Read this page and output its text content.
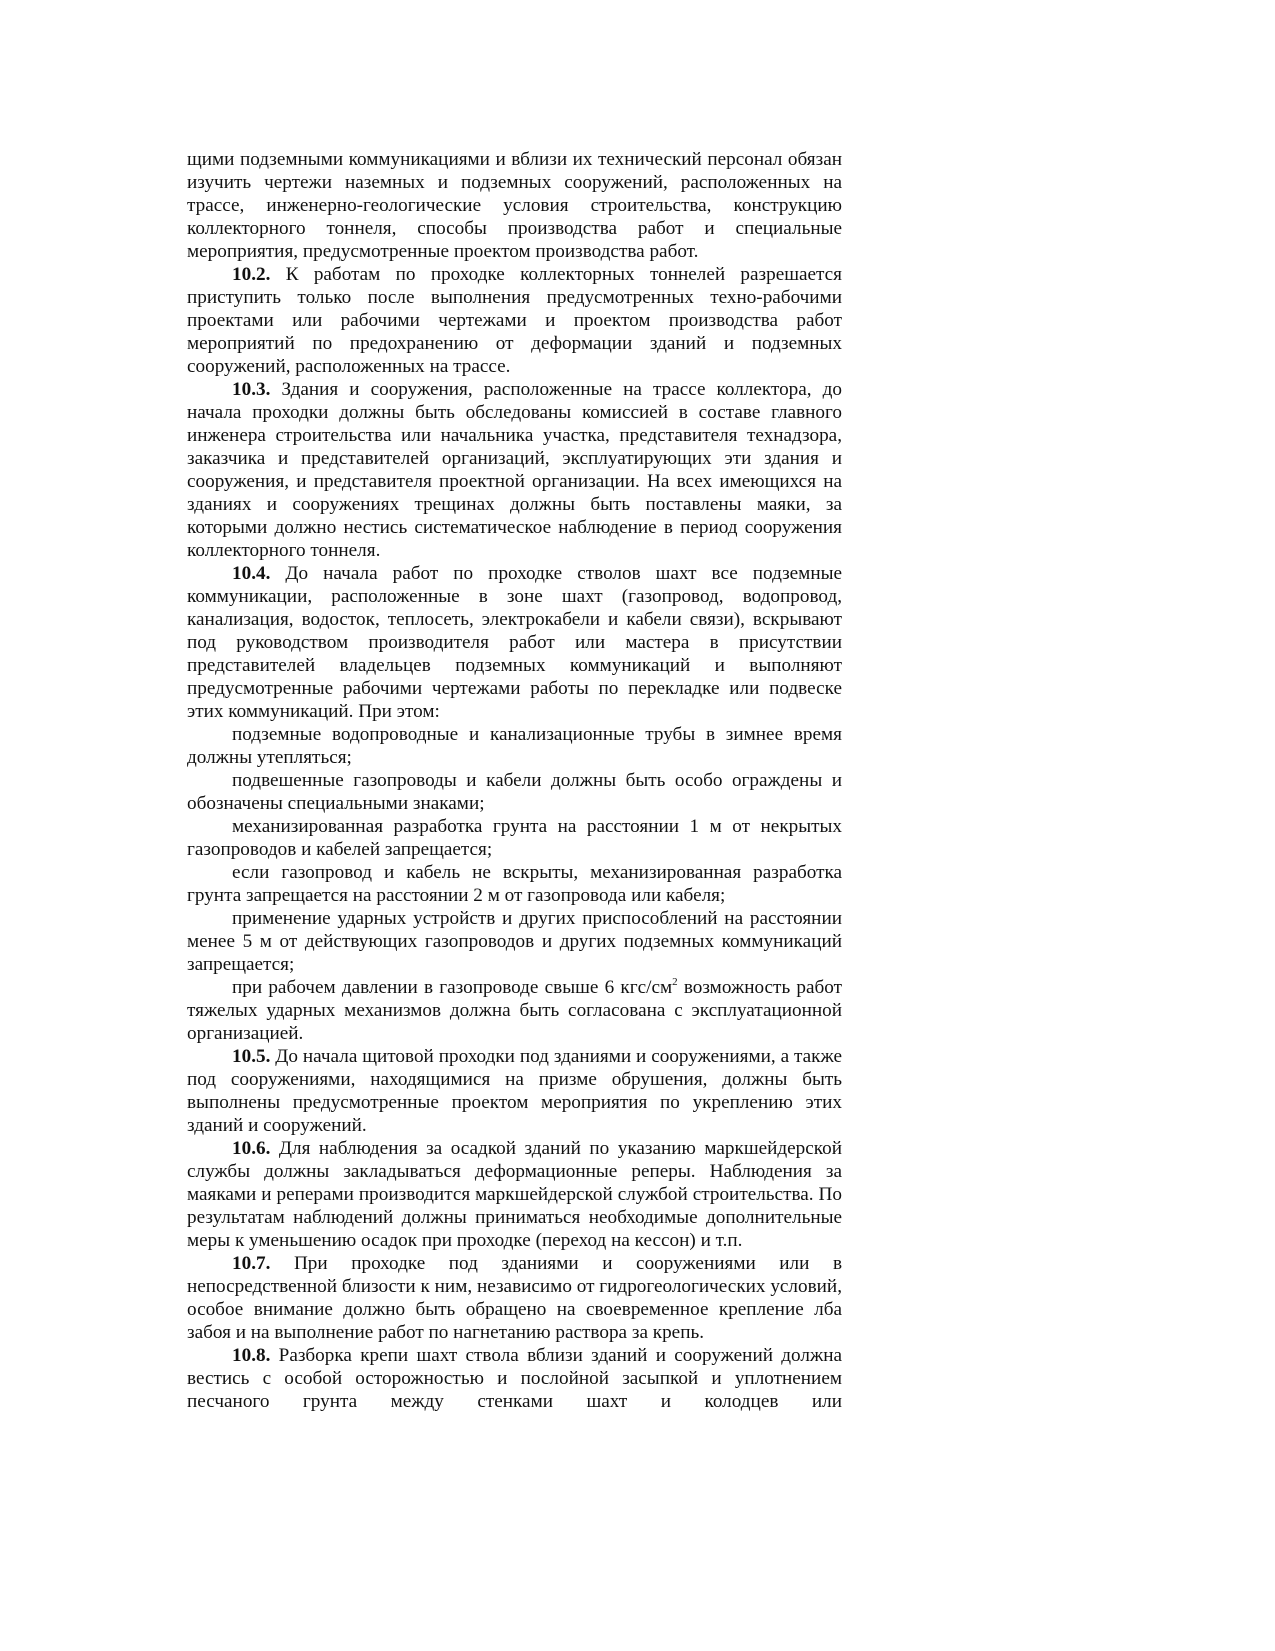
щими подземными коммуникациями и вблизи их технический персонал обязан изучить чертежи наземных и подземных сооружений, расположенных на трассе, инженерно-геологические условия строительства, конструкцию коллекторного тоннеля, способы производства работ и специальные мероприятия, предусмотренные проектом производства работ.

10.2. К работам по проходке коллекторных тоннелей разрешается приступить только после выполнения предусмотренных техно-рабочими проектами или рабочими чертежами и проектом производства работ мероприятий по предохранению от деформации зданий и подземных сооружений, расположенных на трассе.

10.3. Здания и сооружения, расположенные на трассе коллектора, до начала проходки должны быть обследованы комиссией в составе главного инженера строительства или начальника участка, представителя технадзора, заказчика и представителей организаций, эксплуатирующих эти здания и сооружения, и представителя проектной организации. На всех имеющихся на зданиях и сооружениях трещинах должны быть поставлены маяки, за которыми должно нестись систематическое наблюдение в период сооружения коллекторного тоннеля.

10.4. До начала работ по проходке стволов шахт все подземные коммуникации, расположенные в зоне шахт (газопровод, водопровод, канализация, водосток, теплосеть, электрокабели и кабели связи), вскрывают под руководством производителя работ или мастера в присутствии представителей владельцев подземных коммуникаций и выполняют предусмотренные рабочими чертежами работы по перекладке или подвеске этих коммуникаций. При этом:

подземные водопроводные и канализационные трубы в зимнее время должны утепляться;

подвешенные газопроводы и кабели должны быть особо ограждены и обозначены специальными знаками;

механизированная разработка грунта на расстоянии 1 м от некрытых газопроводов и кабелей запрещается;

если газопровод и кабель не вскрыты, механизированная разработка грунта запрещается на расстоянии 2 м от газопровода или кабеля;

применение ударных устройств и других приспособлений на расстоянии менее 5 м от действующих газопроводов и других подземных коммуникаций запрещается;

при рабочем давлении в газопроводе свыше 6 кгс/$см^2$ возможность работ тяжелых ударных механизмов должна быть согласована с эксплуатационной организацией.

10.5. До начала щитовой проходки под зданиями и сооружениями, а также под сооружениями, находящимися на призме обрушения, должны быть выполнены предусмотренные проектом мероприятия по укреплению этих зданий и сооружений.

10.6. Для наблюдения за осадкой зданий по указанию маркшейдерской службы должны закладываться деформационные реперы. Наблюдения за маяками и реперами производится маркшейдерской службой строительства. По результатам наблюдений должны приниматься необходимые дополнительные меры к уменьшению осадок при проходке (переход на кессон) и т.п.

10.7. При проходке под зданиями и сооружениями или в непосредственной близости к ним, независимо от гидрогеологических условий, особое внимание должно быть обращено на своевременное крепление лба забоя и на выполнение работ по нагнетанию раствора за крепь.

10.8. Разборка крепи шахт ствола вблизи зданий и сооружений должна вестись с особой осторожностью и послойной засыпкой и уплотнением песчаного грунта между стенками шахт и колодцев или
